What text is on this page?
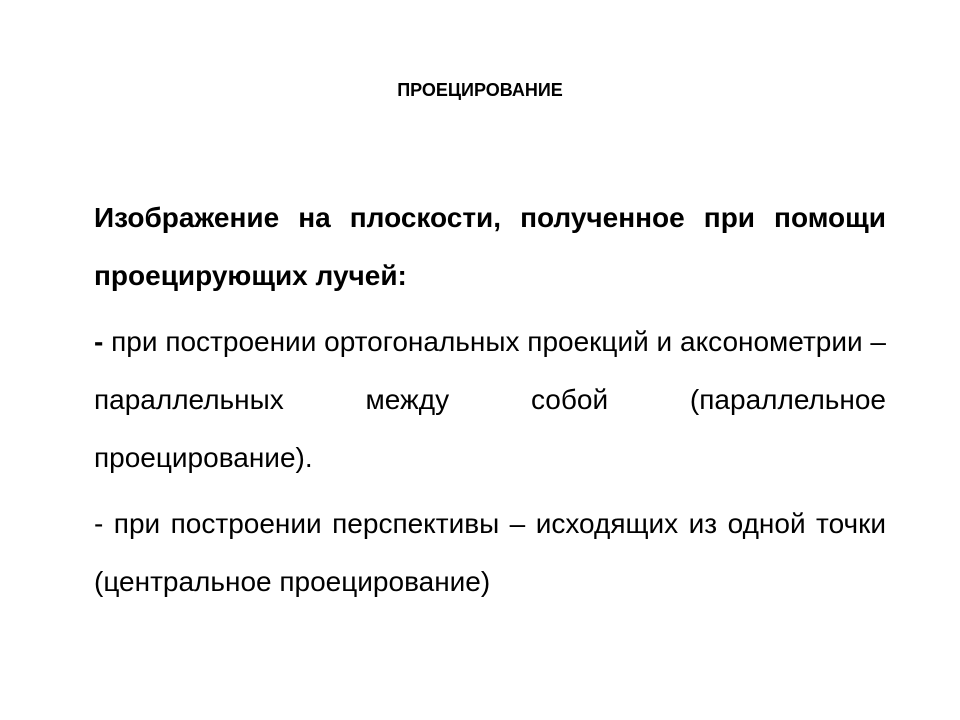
ПРОЕЦИРОВАНИЕ

Изображение на плоскости, полученное при помощи проецирующих лучей:

- при построении ортогональных проекций и аксонометрии – параллельных между собой (параллельное проецирование).

- при построении перспективы – исходящих из одной точки (центральное проецирование)
